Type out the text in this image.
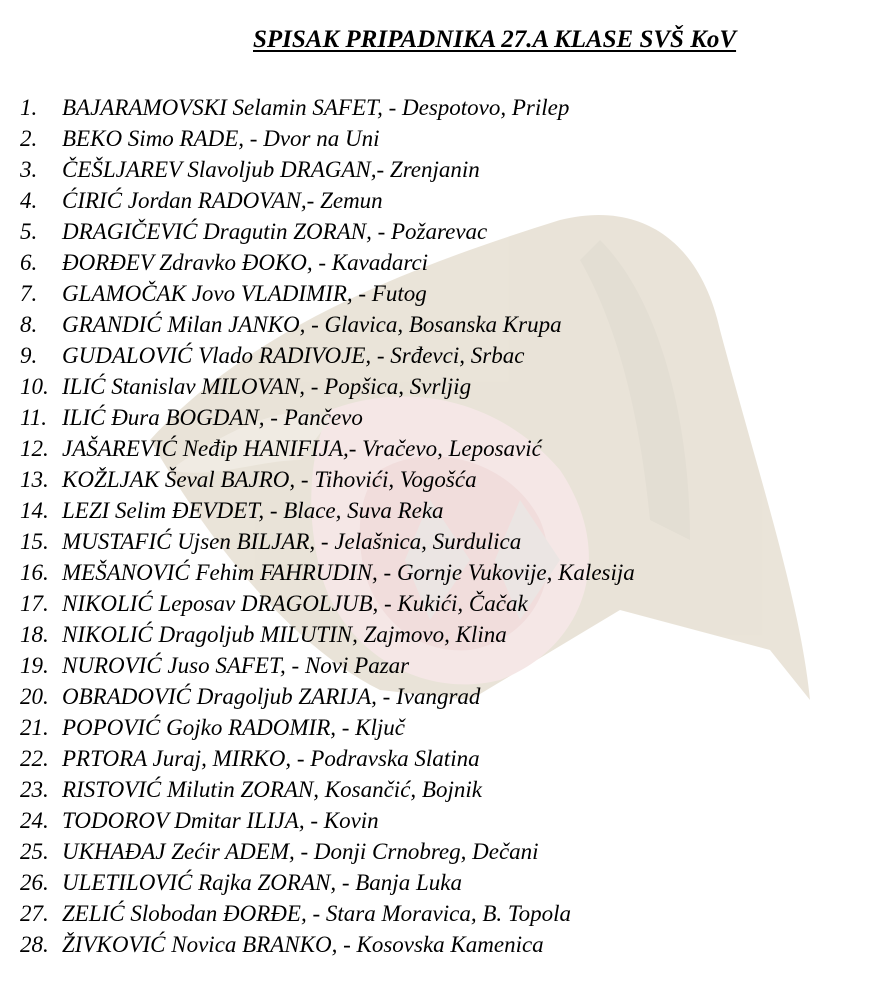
SPISAK PRIPADNIKA 27.A KLASE SVŠ KoV
1. BAJARAMOVSKI Selamin SAFET, - Despotovo, Prilep
2. BEKO Simo RADE, - Dvor na Uni
3. ČEŠLJAREV Slavoljub DRAGAN,- Zrenjanin
4. ĆIRIĆ Jordan RADOVAN,- Zemun
5. DRAGIČEVIĆ Dragutin ZORAN, - Požarevac
6. ĐORĐEV Zdravko ĐOKO, - Kavadarci
7. GLAMOČAK Jovo VLADIMIR, - Futog
8. GRANDIĆ Milan JANKO, - Glavica, Bosanska Krupa
9. GUDALOVIĆ Vlado RADIVOJE, - Srđevci, Srbac
10. ILIĆ Stanislav MILOVAN, - Popšica, Svrljig
11. ILIĆ Đura BOGDAN, - Pančevo
12. JAŠAREVIĆ Neđip HANIFIJA,- Vračevo, Leposavić
13. KOŽLJAK Ševal BAJRO, - Tihovići, Vogošća
14. LEZI Selim ĐEVDET, - Blace, Suva Reka
15. MUSTAFIĆ Ujsen BILJAR, - Jelašnica, Surdulica
16. MEŠANOVIĆ Fehim FAHRUDIN, - Gornje Vukovije, Kalesija
17. NIKOLIĆ Leposav DRAGOLJUB, - Kukići, Čačak
18. NIKOLIĆ Dragoljub MILUTIN, Zajmovo, Klina
19. NUROVIĆ Juso SAFET, - Novi Pazar
20. OBRADOVIĆ Dragoljub ZARIJA, - Ivangrad
21. POPOVIĆ Gojko RADOMIR, - Ključ
22. PRTORA Juraj, MIRKO, - Podravska Slatina
23. RISTOVIĆ Milutin ZORAN, Kosančić, Bojnik
24. TODOROV Dmitar ILIJA, - Kovin
25. UKHAĐAJ Zećir ADEM, - Donji Crnobreg, Dečani
26. ULETILOVIĆ Rajka ZORAN, - Banja Luka
27. ZELIĆ Slobodan ĐORĐE, - Stara Moravica, B. Topola
28. ŽIVKOVIĆ Novica BRANKO, - Kosovska Kamenica
